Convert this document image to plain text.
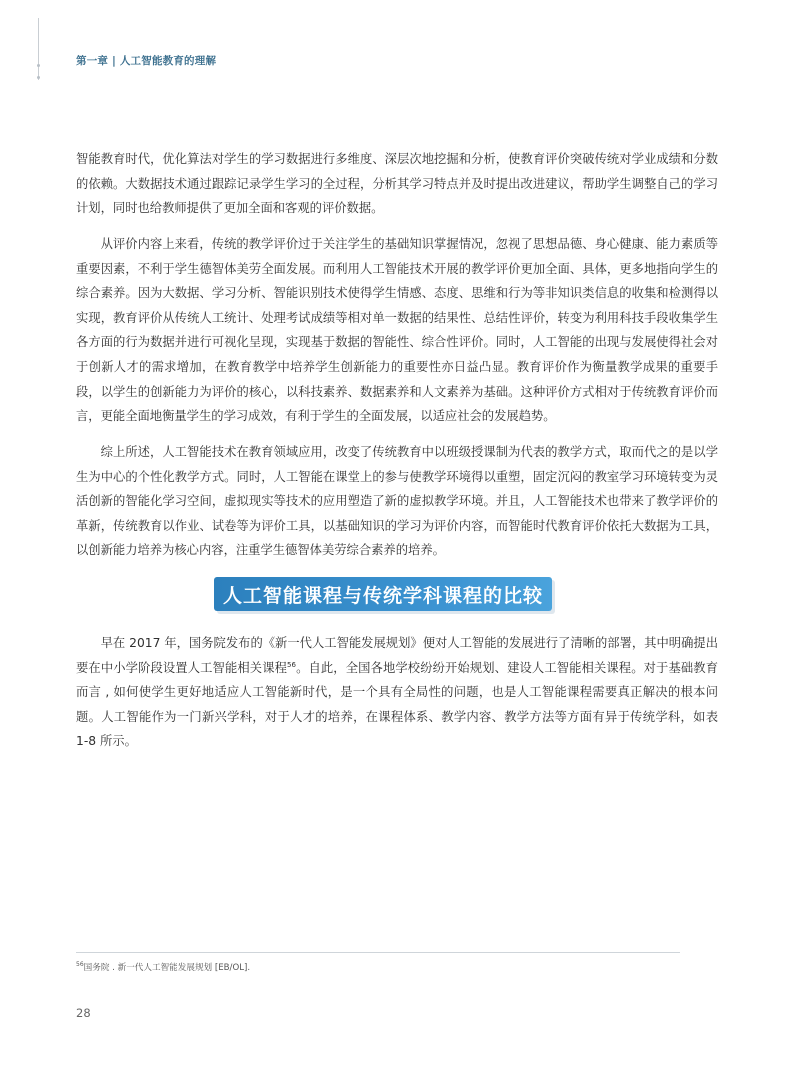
第一章 | 人工智能教育的理解

智能教育时代，优化算法对学生的学习数据进行多维度、深层次地挖掘和分析，使教育评价突破传统对学业成绩和分数的依赖。大数据技术通过跟踪记录学生学习的全过程，分析其学习特点并及时提出改进建议，帮助学生调整自己的学习计划，同时也给教师提供了更加全面和客观的评价数据。

从评价内容上来看，传统的教学评价过于关注学生的基础知识掌握情况，忽视了思想品德、身心健康、能力素质等重要因素，不利于学生德智体美劳全面发展。而利用人工智能技术开展的教学评价更加全面、具体，更多地指向学生的综合素养。因为大数据、学习分析、智能识别技术使得学生情感、态度、思维和行为等非知识类信息的收集和检测得以实现，教育评价从传统人工统计、处理考试成绩等相对单一数据的结果性、总结性评价，转变为利用科技手段收集学生各方面的行为数据并进行可视化呈现，实现基于数据的智能性、综合性评价。同时，人工智能的出现与发展使得社会对于创新人才的需求增加，在教育教学中培养学生创新能力的重要性亦日益凸显。教育评价作为衡量教学成果的重要手段，以学生的创新能力为评价的核心，以科技素养、数据素养和人文素养为基础。这种评价方式相对于传统教育评价而言，更能全面地衡量学生的学习成效，有利于学生的全面发展，以适应社会的发展趋势。

综上所述，人工智能技术在教育领域应用，改变了传统教育中以班级授课制为代表的教学方式，取而代之的是以学生为中心的个性化教学方式。同时，人工智能在课堂上的参与使教学环境得以重塑，固定沉闷的教室学习环境转变为灵活创新的智能化学习空间，虚拟现实等技术的应用塑造了新的虚拟教学环境。并且，人工智能技术也带来了教学评价的革新，传统教育以作业、试卷等为评价工具，以基础知识的学习为评价内容，而智能时代教育评价依托大数据为工具，以创新能力培养为核心内容，注重学生德智体美劳综合素养的培养。

人工智能课程与传统学科课程的比较

早在 2017 年，国务院发布的《新一代人工智能发展规划》便对人工智能的发展进行了清晰的部署，其中明确提出要在中小学阶段设置人工智能相关课程$^{56}$。自此，全国各地学校纷纷开始规划、建设人工智能相关课程。对于基础教育而言 , 如何使学生更好地适应人工智能新时代，是一个具有全局性的问题，也是人工智能课程需要真正解决的根本问题。人工智能作为一门新兴学科，对于人才的培养，在课程体系、教学内容、教学方法等方面有异于传统学科，如表 1-8 所示。

$^{56}$国务院 . 新一代人工智能发展规划 [EB/OL].
28
